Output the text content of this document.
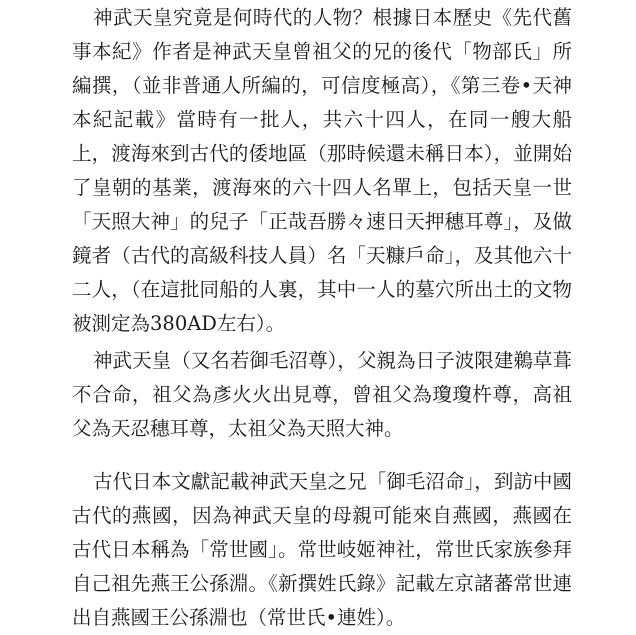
神武天皇究竟是何時代的人物？根據日本歷史《先代舊事本紀》作者是神武天皇曾祖父的兄的後代「物部氏」所編撰，（並非普通人所編的，可信度極高），《第三卷•天神本紀記載》當時有一批人，共六十四人，在同一艘大船上，渡海來到古代的倭地區（那時候還未稱日本），並開始了皇朝的基業，渡海來的六十四人名單上，包括天皇一世「天照大神」的兒子「正哉吾勝々速日天押穗耳尊」，及做鏡者（古代的高級科技人員）名「天糠戶命」，及其他六十二人，（在這批同船的人裏，其中一人的墓穴所出土的文物被測定為380AD左右）。

神武天皇（又名若御毛沼尊），父親為日子波限建鵜草葺不合命，祖父為彥火火出見尊，曾祖父為瓊瓊杵尊，高祖父為天忍穗耳尊，太祖父為天照大神。

古代日本文獻記載神武天皇之兄「御毛沼命」，到訪中國古代的燕國，因為神武天皇的母親可能來自燕國，燕國在古代日本稱為「常世國」。常世岐姬神社，常世氏家族參拜自己祖先燕王公孫淵。《新撰姓氏錄》記載左京諸蕃常世連出自燕國王公孫淵也（常世氏•連姓）。
